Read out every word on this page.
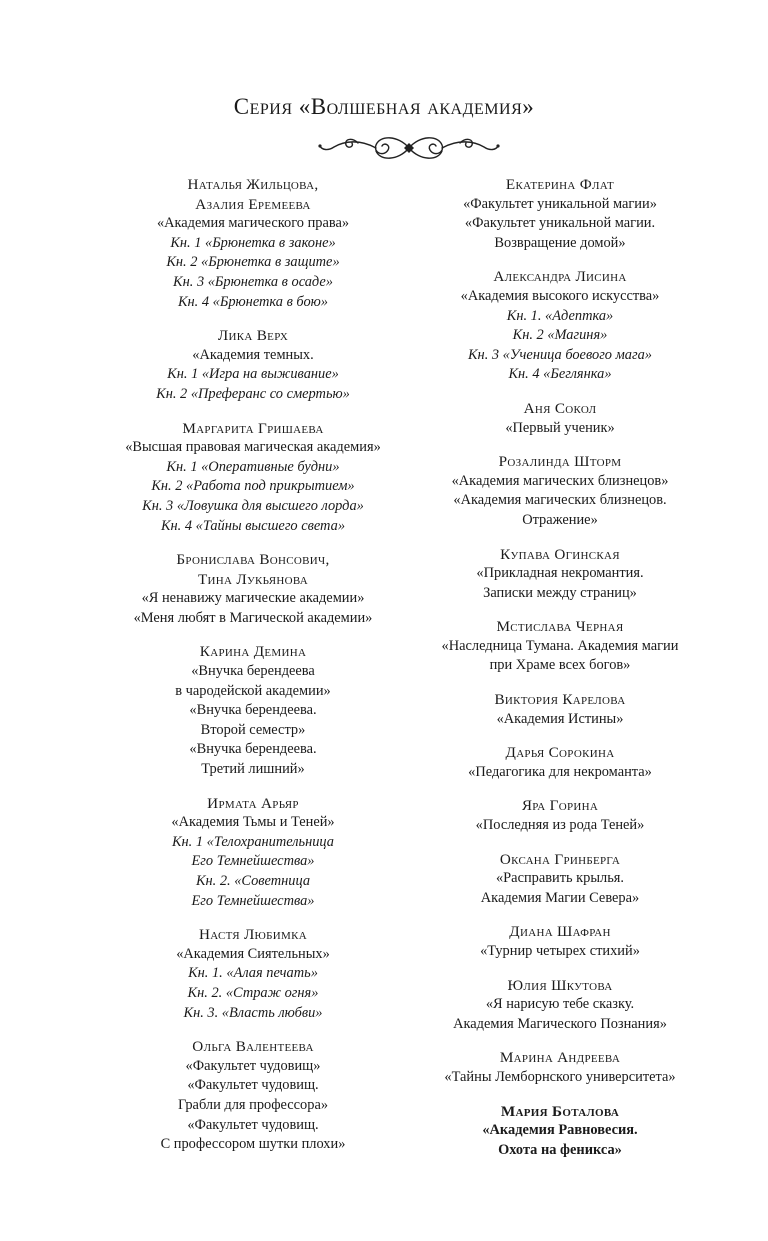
Серия «Волшебная академия»
Наталья Жильцова,
Азалия Еремеева
«Академия магического права»
Кн. 1 «Брюнетка в законе»
Кн. 2 «Брюнетка в защите»
Кн. 3 «Брюнетка в осаде»
Кн. 4 «Брюнетка в бою»
Лика Верх
«Академия темных.
Кн. 1 «Игра на выживание»
Кн. 2 «Преферанс со смертью»
Маргарита Гришаева
«Высшая правовая магическая академия»
Кн. 1 «Оперативные будни»
Кн. 2 «Работа под прикрытием»
Кн. 3 «Ловушка для высшего лорда»
Кн. 4 «Тайны высшего света»
Бронислава Вонсович,
Тина Лукьянова
«Я ненавижу магические академии»
«Меня любят в Магической академии»
Карина Демина
«Внучка берендеева
в чародейской академии»
«Внучка берендеева.
Второй семестр»
«Внучка берендеева.
Третий лишний»
Ирмата Арьяр
«Академия Тьмы и Теней»
Кн. 1 «Телохранительница
Его Темнейшества»
Кн. 2. «Советница
Его Темнейшества»
Настя Любимка
«Академия Сиятельных»
Кн. 1. «Алая печать»
Кн. 2. «Страж огня»
Кн. 3. «Власть любви»
Ольга Валентеева
«Факультет чудовищ»
«Факультет чудовищ.
Грабли для профессора»
«Факультет чудовищ.
С профессором шутки плохи»
Екатерина Флат
«Факультет уникальной магии»
«Факультет уникальной магии.
Возвращение домой»
Александра Лисина
«Академия высокого искусства»
Кн. 1. «Адептка»
Кн. 2 «Магиня»
Кн. 3 «Ученица боевого мага»
Кн. 4 «Беглянка»
Аня Сокол
«Первый ученик»
Розалинда Шторм
«Академия магических близнецов»
«Академия магических близнецов.
Отражение»
Купава Огинская
«Прикладная некромантия.
Записки между страниц»
Мстислава Черная
«Наследница Тумана. Академия магии
при Храме всех богов»
Виктория Карелова
«Академия Истины»
Дарья Сорокина
«Педагогика для некроманта»
Яра Горина
«Последняя из рода Теней»
Оксана Гринберга
«Расправить крылья.
Академия Магии Севера»
Диана Шафран
«Турнир четырех стихий»
Юлия Шкутова
«Я нарисую тебе сказку.
Академия Магического Познания»
Марина Андреева
«Тайны Лемборнского университета»
Мария Боталова
«Академия Равновесия.
Охота на феникса»
